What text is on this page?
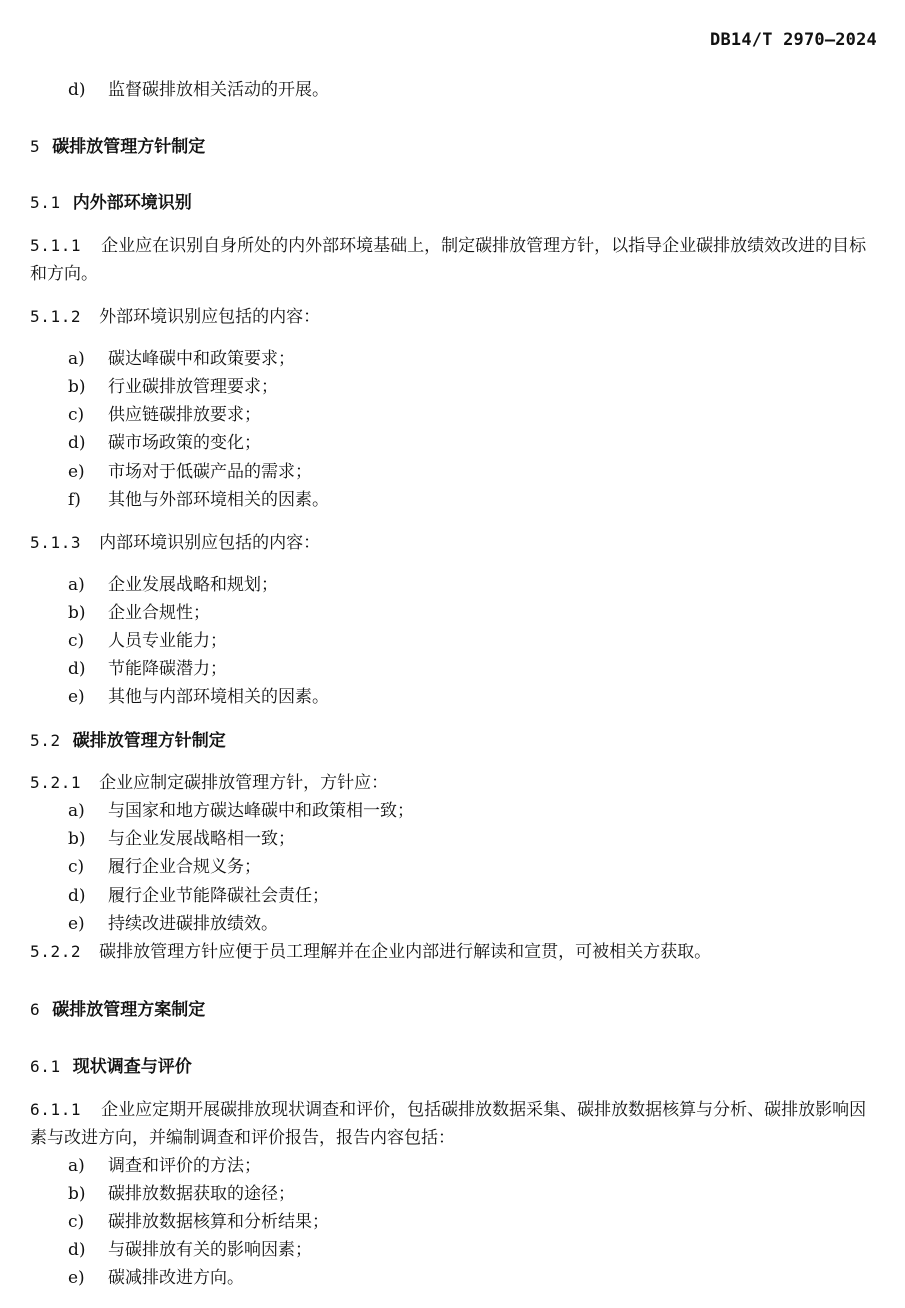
DB14/T 2970—2024
d) 监督碳排放相关活动的开展。
5 碳排放管理方针制定
5.1 内外部环境识别
5.1.1 企业应在识别自身所处的内外部环境基础上，制定碳排放管理方针，以指导企业碳排放绩效改进的目标和方向。
5.1.2 外部环境识别应包括的内容：
a) 碳达峰碳中和政策要求；
b) 行业碳排放管理要求；
c) 供应链碳排放要求；
d) 碳市场政策的变化；
e) 市场对于低碳产品的需求；
f) 其他与外部环境相关的因素。
5.1.3 内部环境识别应包括的内容：
a) 企业发展战略和规划；
b) 企业合规性；
c) 人员专业能力；
d) 节能降碳潜力；
e) 其他与内部环境相关的因素。
5.2 碳排放管理方针制定
5.2.1 企业应制定碳排放管理方针，方针应：
a) 与国家和地方碳达峰碳中和政策相一致；
b) 与企业发展战略相一致；
c) 履行企业合规义务；
d) 履行企业节能降碳社会责任；
e) 持续改进碳排放绩效。
5.2.2 碳排放管理方针应便于员工理解并在企业内部进行解读和宣贯，可被相关方获取。
6 碳排放管理方案制定
6.1 现状调查与评价
6.1.1 企业应定期开展碳排放现状调查和评价，包括碳排放数据采集、碳排放数据核算与分析、碳排放影响因素与改进方向，并编制调查和评价报告，报告内容包括：
a) 调查和评价的方法；
b) 碳排放数据获取的途径；
c) 碳排放数据核算和分析结果；
d) 与碳排放有关的影响因素；
e) 碳减排改进方向。
